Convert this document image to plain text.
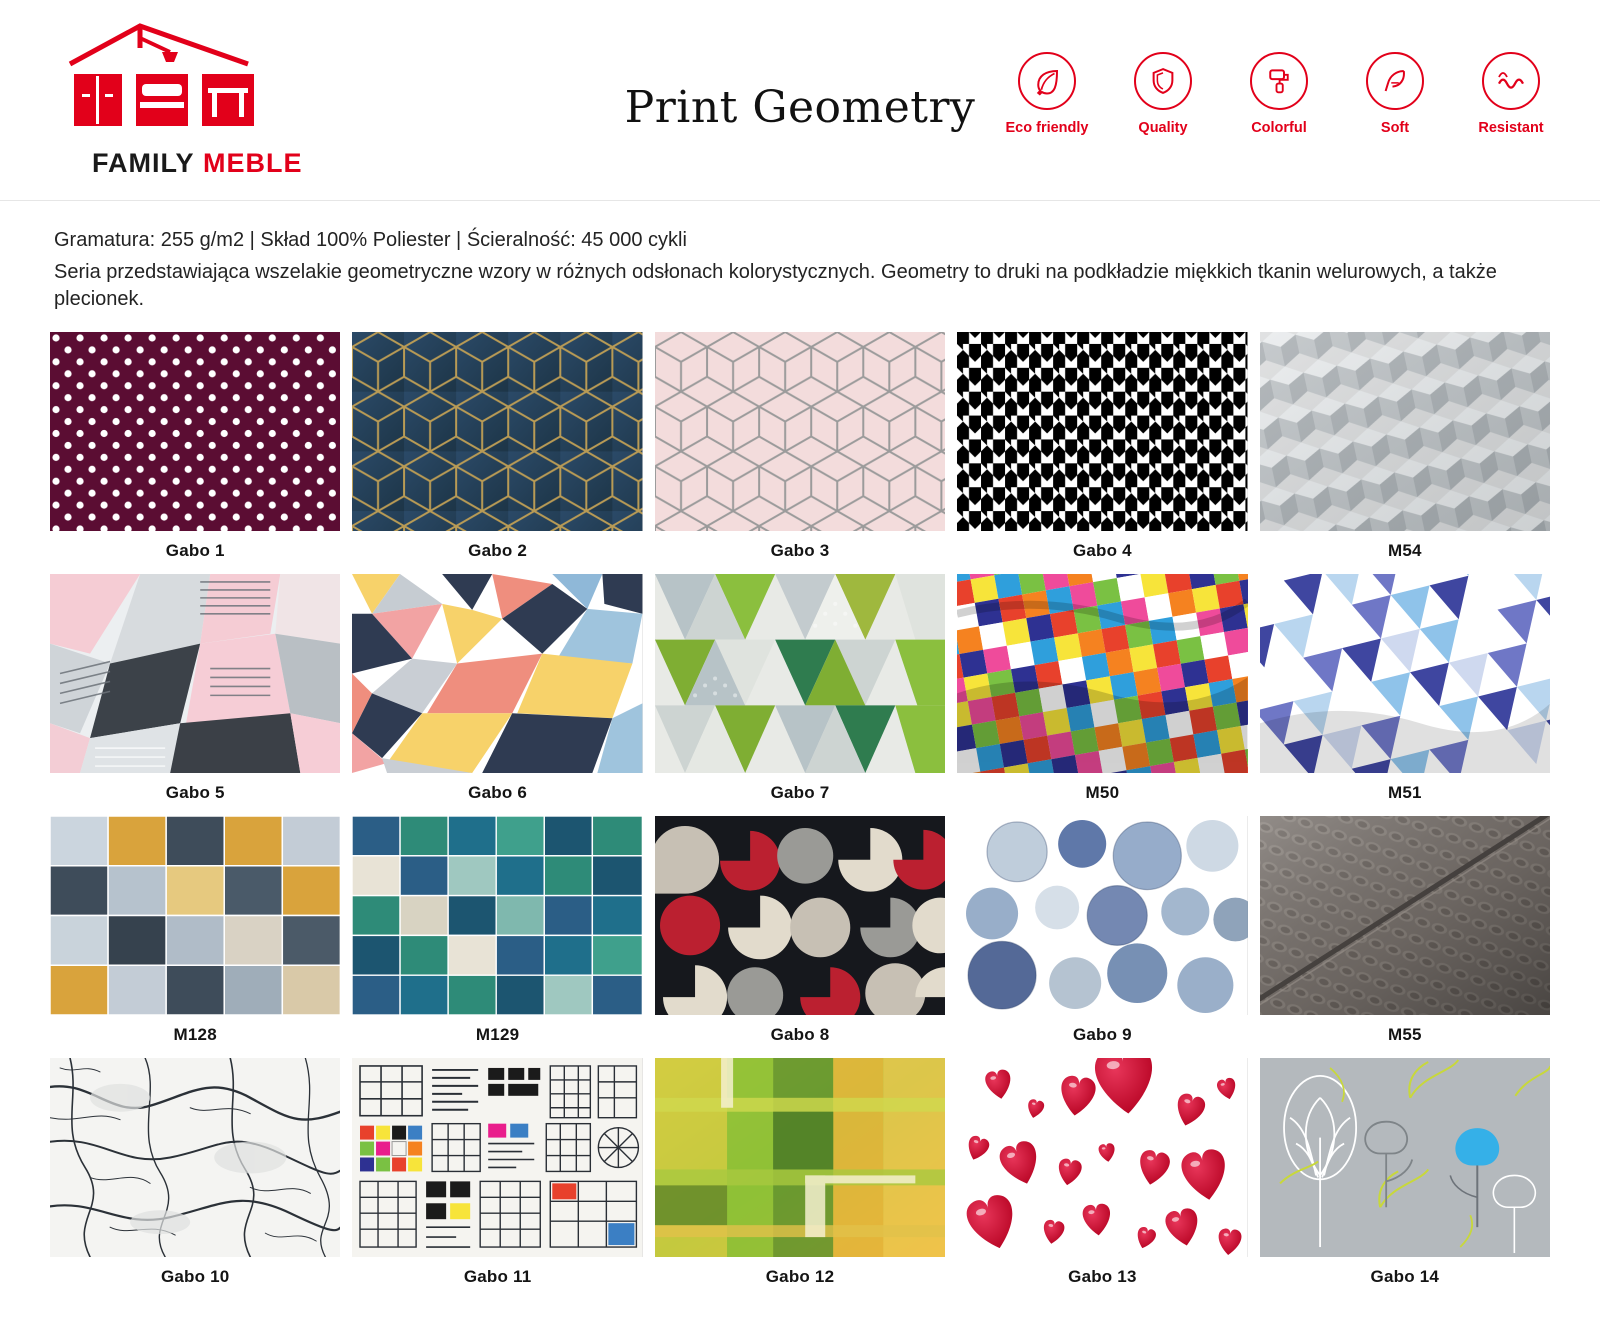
FAMILY MEBLE
Print Geometry	Eco friendly	Quality	Colorful	Soft	Resistant
Gramatura: 255 g/m2 | Skład 100% Poliester | Ścieralność: 45 000 cykli
Seria przedstawiająca wszelakie geometryczne wzory w różnych odsłonach kolorystycznych. Geometry to druki na podkładzie miękkich tkanin welurowych, a także plecionek.
Gabo 1	Gabo 2	Gabo 3	Gabo 4	M54
Gabo 5	Gabo 6	Gabo 7	M50	M51
M128	M129	Gabo 8	Gabo 9	M55
Gabo 10	Gabo 11	Gabo 12	Gabo 13	Gabo 14
